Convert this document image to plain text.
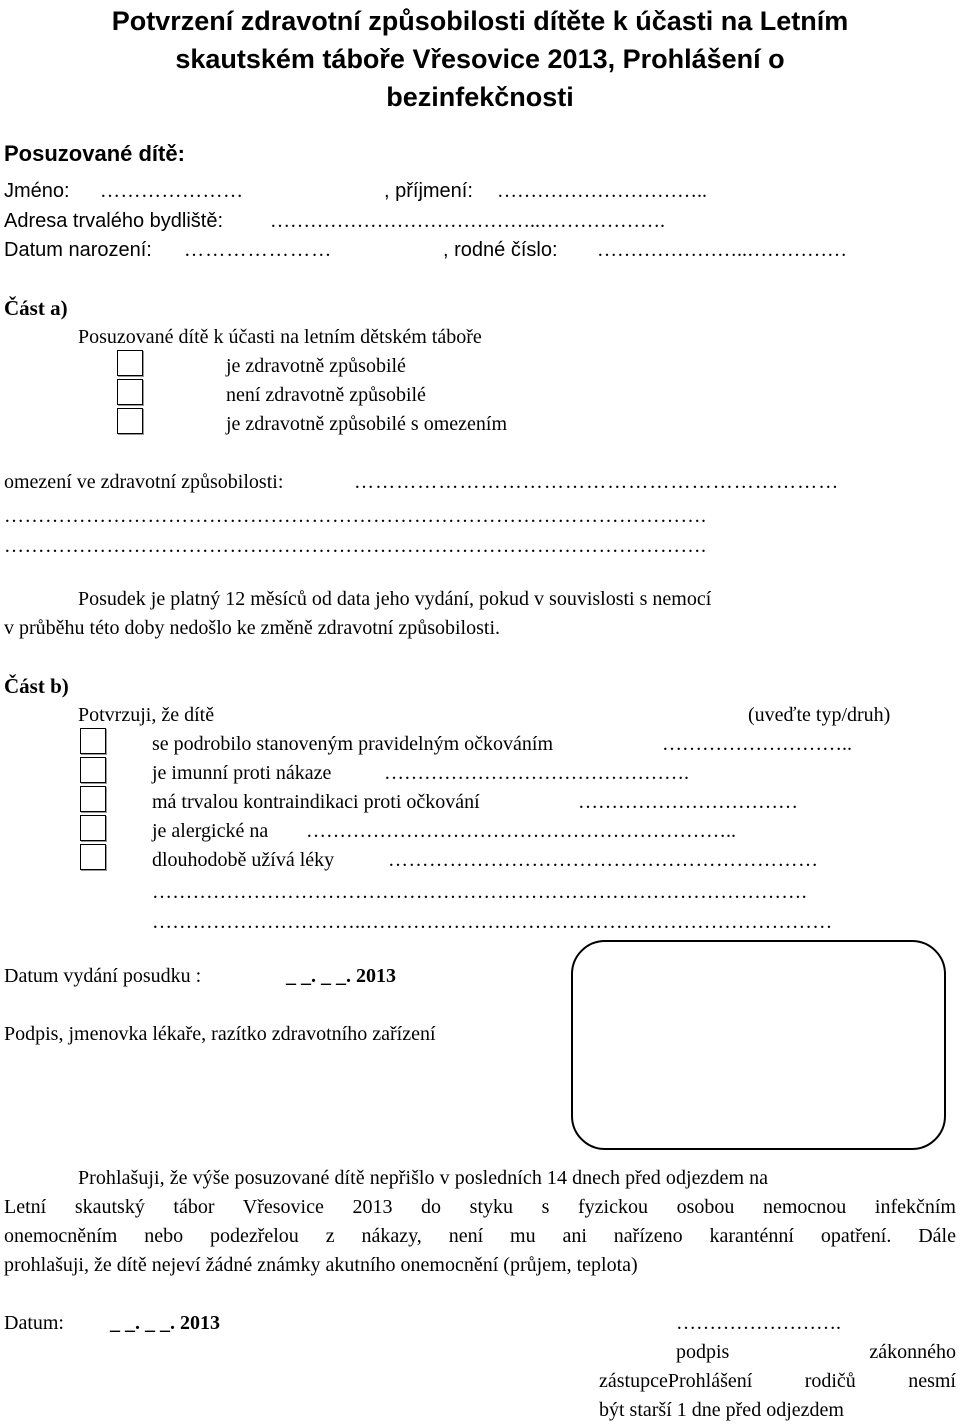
Potvrzení zdravotní způsobilosti dítěte k účasti na Letním
skautském táboře Vřesovice 2013, Prohlášení o
bezinfekčnosti
Posuzované dítě:
Jméno: …………………	, příjmení: …………………………..
Adresa trvalého bydliště: …………………………………..……………….
Datum narození: …………………	, rodné číslo: …………………..……………
Část a)
Posuzované dítě k účasti na letním dětském táboře
je zdravotně způsobilé
není zdravotně způsobilé
je zdravotně způsobilé s omezením
omezení ve zdravotní způsobilosti:	……………………………………………………………
………………………………………………………………………………………….
………………………………………………………………………………………….
Posudek je platný 12 měsíců od data jeho vydání, pokud v souvislosti s nemocí
v průběhu této doby nedošlo ke změně zdravotní způsobilosti.
Část b)
Potvrzuji, že dítě	(uveďte typ/druh)
se podrobilo stanoveným pravidelným očkováním	………………………..
je imunní proti nákaze	……………………………………….
má trvalou kontraindikaci proti očkování	……………………………
je alergické na ………………………………………………………..
dlouhodobě užívá léky	………………………………………………………
…………………………………………………………………………………….
…………………………..……………………………………………………………
Datum vydání posudku :	_ _. _ _. 2013
Podpis, jmenovka lékaře, razítko zdravotního zařízení
Prohlašuji, že výše posuzované dítě nepřišlo v posledních 14 dnech před odjezdem na
Letní skautský tábor Vřesovice 2013 do styku s fyzickou osobou nemocnou infekčním
onemocněním nebo podezřelou z nákazy, není mu ani nařízeno karanténní opatření. Dále
prohlašuji, že dítě nejeví žádné známky akutního onemocnění (průjem, teplota)
Datum: _ _. _ _. 2013	…………………….
podpis zákonného
zástupceProhlášení rodičů nesmí
být starší 1 dne před odjezdem
